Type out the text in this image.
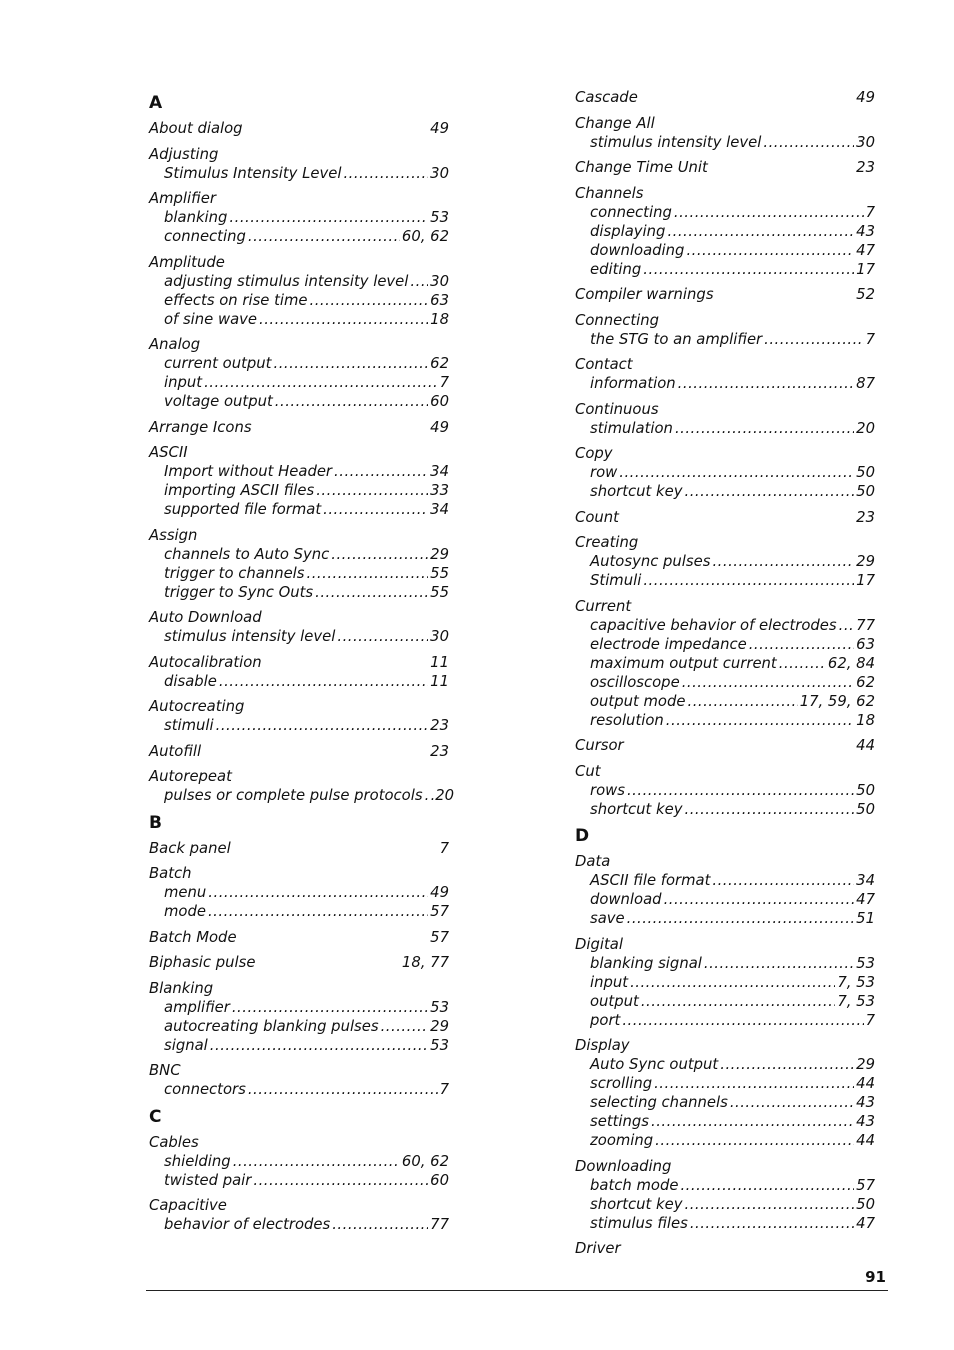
A
About dialog	49
Adjusting
Stimulus Intensity Level .....	30
Amplifier
blanking .....	53
connecting .....	60, 62
Amplitude
adjusting stimulus intensity level ..... 30
effects on rise time .....	63
of sine wave .....	18
Analog
current output .....	62
input .....	7
voltage output .....	60
Arrange Icons	49
ASCII
Import without Header .....	34
importing ASCII files .....	33
supported file format .....	34
Assign
channels to Auto Sync .....	29
trigger to channels .....	55
trigger to Sync Outs .....	55
Auto Download
stimulus intensity level .....	30
Autocalibration	11
disable .....	11
Autocreating
stimuli .....	23
Autofill	23
Autorepeat
pulses or complete pulse protocols ..... .20
B
Back panel	7
Batch
menu .....	49
mode .....	57
Batch Mode	57
Biphasic pulse	18, 77
Blanking
amplifier .....	53
autocreating blanking pulses .....	29
signal .....	53
BNC
connectors .....	7
C
Cables
shielding .....	60, 62
twisted pair .....	60
Capacitive
behavior of electrodes .....	77
Cascade	49
Change All
stimulus intensity level .....	30
Change Time Unit	23
Channels
connecting .....	7
displaying .....	43
downloading .....	47
editing .....	17
Compiler warnings	52
Connecting
the STG to an amplifier .....	7
Contact
information .....	87
Continuous
stimulation .....	20
Copy
row .....	50
shortcut key .....	50
Count	23
Creating
Autosync pulses .....	29
Stimuli .....	17
Current
capacitive behavior of electrodes ..... 77
electrode impedance .....	63
maximum output current .....	62, 84
oscilloscope .....	62
output mode .....	17, 59, 62
resolution .....	18
Cursor	44
Cut
rows .....	50
shortcut key .....	50
D
Data
ASCII file format .....	34
download .....	47
save .....	51
Digital
blanking signal .....	53
input .....	7, 53
output .....	7, 53
port .....	7
Display
Auto Sync output .....	29
scrolling .....	44
selecting channels .....	43
settings .....	43
zooming .....	44
Downloading
batch mode .....	57
shortcut key .....	50
stimulus files .....	47
Driver
91
